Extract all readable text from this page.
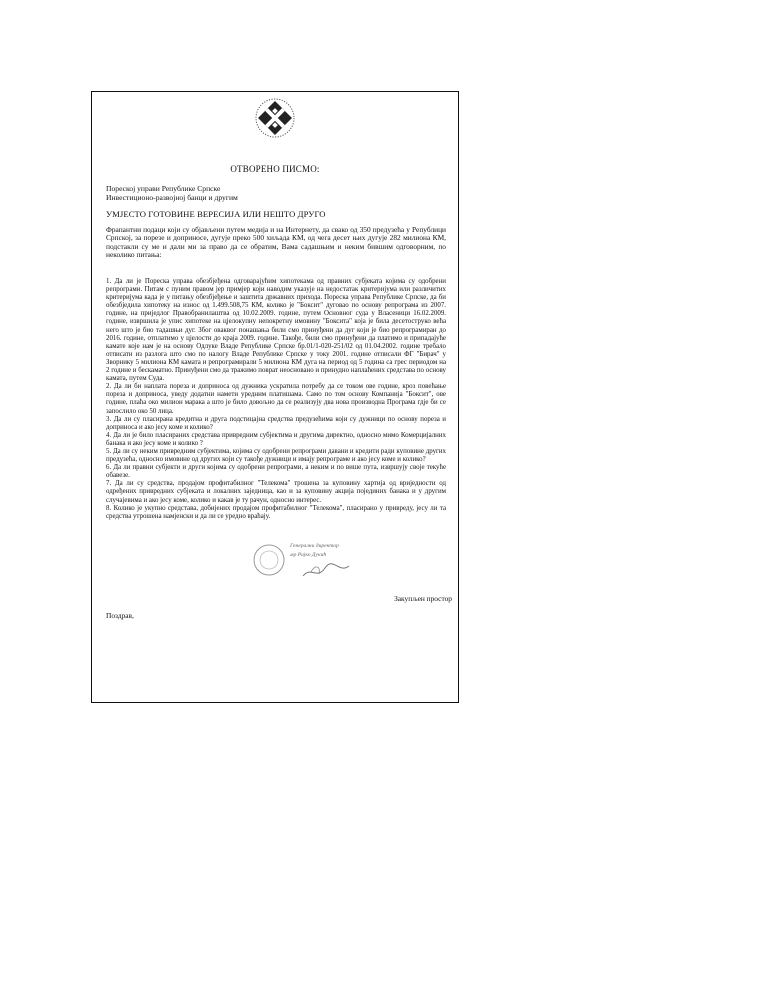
ОТВОРЕНО ПИСМО:
Пореској управи Републике Српске
Инвестиционо-развојној банци и другим
УМЈЕСТО ГОТОВИНЕ ВЕРЕСИЈА ИЛИ НЕШТО ДРУГО
Фрапантни подаци који су објављени путем медија и на Интернету, да свако од 350 предузећа у Републици Српској, за порезе и доприносе, дугује преко 500 хиљада КМ, од чега десет њих дугује 282 милиона КМ, подстакли су ме и дали ми за право да се обратим, Вама садашњим и неким бившим одговорним, по неколико питања:

1. Да ли је Пореска управа обезбјеђена одговарајућим хипотекама од правних субјеката којима су одобрени репрограми. Питам с пуним правом јер примјер који наводим указује на недостатак критеријума или различитих критеријума када је у питању обезбјеђење и заштита државних прихода. Пореска управа Републике Српске, да би обезбједила хипотеку на износ од 1.499.508,75 КМ, колико је "Боксит" дуговао по основу репрограма из 2007. године, на приједлог Правобранилаштва од 10.02.2009. године, путем Основног суда у Власеници 16.02.2009. године, извршила је упис хипотеке на цјелокупну непокретну имовину "Боксита" која је била десетоструко већа него што је био тадашњи дуг. Због оваквог понашања били смо принуђени да дуг који је био репрограмиран до 2016. године, отплатимо у цјелости до краја 2009. године. Такође, били смо принуђени да платимо и припадајуће камате које нам је на основу Одлуке Владе Републике Српске бр.01/1-020-251/02 од 01.04.2002. године требало отписати из разлога што смо по налогу Владе Републике Српске у току 2001. године отписали ФГ "Бирач" у Зворнику 5 милиона КМ камата и репрограмирали 5 милиона КМ дуга на период од 5 година са грес периодом на 2 године и бескаматно. Принуђени смо да тражимо поврат неосновано и принудно наплаћених средстава по основу камата, путем Суда.

2. Да ли би наплата пореза и доприноса од дужника ускратила потребу да се током ове године, кроз повећање пореза и доприноса, уведу додатни намети уредним платишама. Само по том основу Компанија "Боксит", ове године, плаћа око милион марака а што је било довољно да се реализују два нова производна Програма гдје би се запослило око 50 лица.

3. Да ли су пласирана кредитна и друга подстицајна средства предузећима који су дужници по основу пореза и доприноса и ако јесу коме и колико?

4. Да ли је било пласираних средстава привредним субјектима и другима директно, односно мимо Комерцијалних банака и ако јесу коме и колико ?

5. Да ли су неким привредним субјектима, којима су одобрени репрограми давани и кредити ради куповине других предузећа, односно имовине од других који су такође дужници и имају репрограме и ако јесу коме и колико?

6. Да ли правни субјекти и други којима су одобрени репрограми, а неким и по више пута, извршују своје текуће обавезе.

7. Да ли су средства, продајом профитабилног "Телекома" трошена за куповину хартија од вриједности од одређених привредних субјеката и локалних заједница, као и за куповину акција појединих банака и у другим случајевима и ако јесу коме, колико и какав је ту рачун, односно интерес.

8. Колико је укупно средстава, добијених продајом профитабилног "Телекома", пласирано у привреду, јесу ли та средства утрошена намјенски и да ли се уредно враћају.

Поздрав,
Генерални директор
мр Рајко Дукић
Закупљен простор
